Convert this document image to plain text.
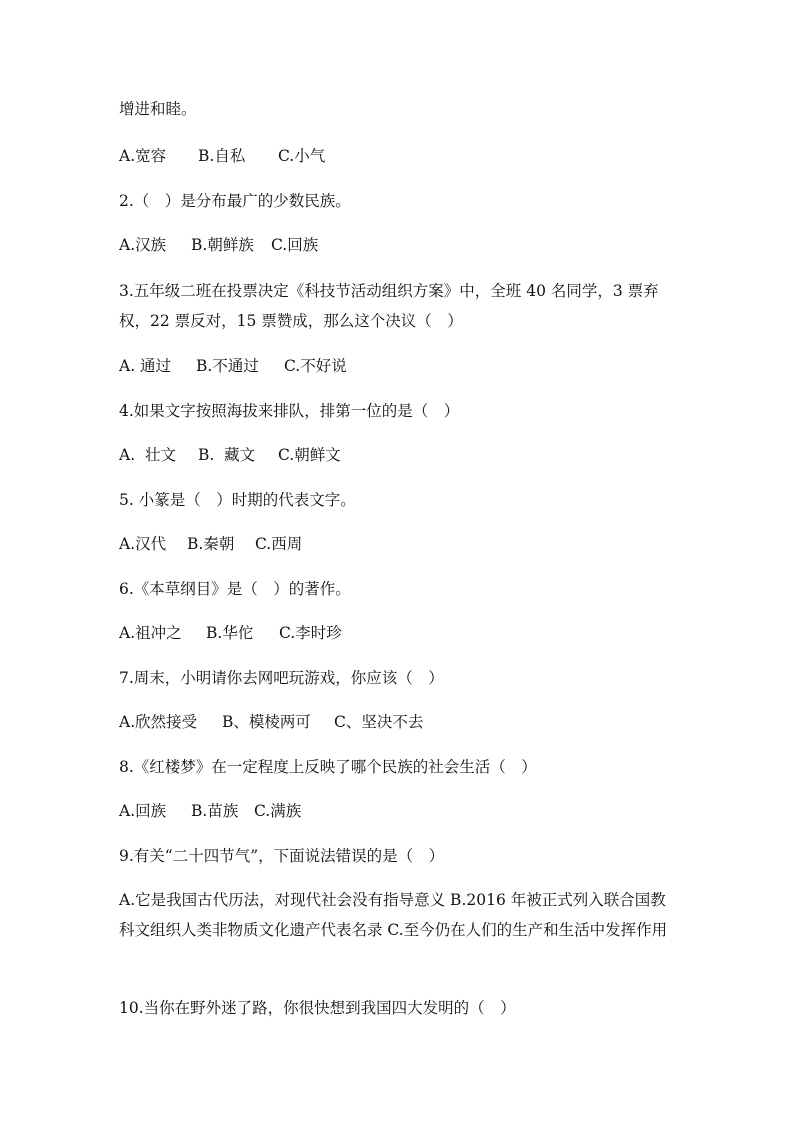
增进和睦。
A.宽容 B.自私 C.小气
2.（　）是分布最广的少数民族。
A.汉族 B.朝鲜族 C.回族
3.五年级二班在投票决定《科技节活动组织方案》中，全班 40 名同学，3 票弃
权，22 票反对，15 票赞成，那么这个决议（　）
A. 通过 B.不通过 C.不好说
4.如果文字按照海拔来排队，排第一位的是（　）
A.  壮文 B.  藏文 C.朝鲜文
5. 小篆是（　）时期的代表文字。
A.汉代 B.秦朝 C.西周
6.《本草纲目》是（　）的著作。
A.祖冲之 B.华佗 C.李时珍
7.周末，小明请你去网吧玩游戏，你应该（　）
A.欣然接受 B、模棱两可 C、坚决不去
8.《红楼梦》在一定程度上反映了哪个民族的社会生活（　）
A.回族 B.苗族 C.满族
9.有关“二十四节气”，下面说法错误的是（　）
A.它是我国古代历法，对现代社会没有指导意义 B.2016 年被正式列入联合国教科文组织人类非物质文化遗产代表名录 C.至今仍在人们的生产和生活中发挥作用
10.当你在野外迷了路，你很快想到我国四大发明的（　）
